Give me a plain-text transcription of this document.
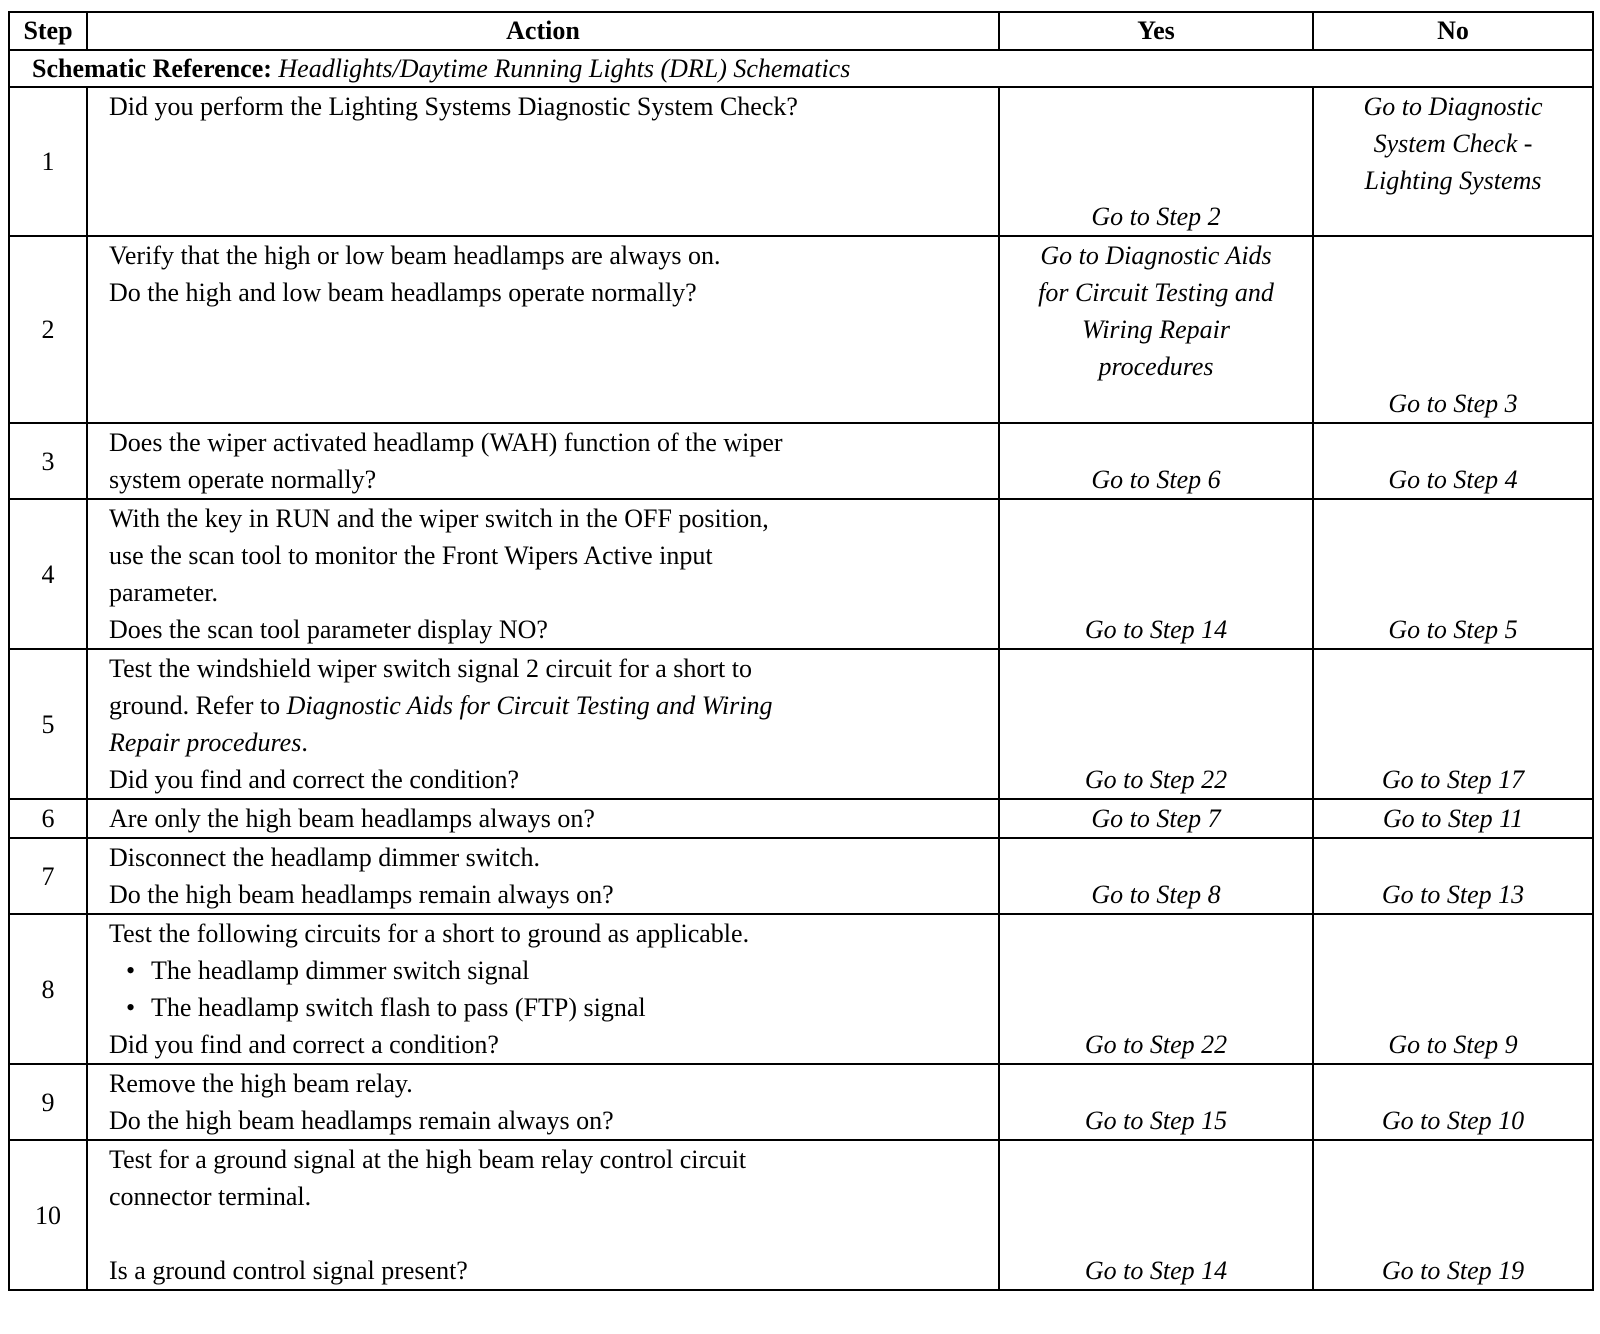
Step	Action	Yes	No
Schematic Reference: Headlights/Daytime Running Lights (DRL) Schematics			
1	Did you perform the Lighting Systems Diagnostic System Check?	Go to Step 2	Go to Diagnostic
System Check -
Lighting Systems

2	Verify that the high or low beam headlamps are always on.
Do the high and low beam headlamps operate normally?	Go to Diagnostic Aids
for Circuit Testing and
Wiring Repair
procedures	Go to Step 3
3	Does the wiper activated headlamp (WAH) function of the wiper
system operate normally?	Go to Step 6	Go to Step 4
4	With the key in RUN and the wiper switch in the OFF position,
use the scan tool to monitor the Front Wipers Active input
parameter.
Does the scan tool parameter display NO?	Go to Step 14	Go to Step 5
5	Test the windshield wiper switch signal 2 circuit for a short to
ground. Refer to Diagnostic Aids for Circuit Testing and Wiring
Repair procedures.
Did you find and correct the condition?	Go to Step 22	Go to Step 17
6	Are only the high beam headlamps always on?	Go to Step 7	Go to Step 11
7	Disconnect the headlamp dimmer switch.
Do the high beam headlamps remain always on?	Go to Step 8	Go to Step 13
8	Test the following circuits for a short to ground as applicable.
• The headlamp dimmer switch signal
• The headlamp switch flash to pass (FTP) signal
Did you find and correct a condition?	Go to Step 22	Go to Step 9
9	Remove the high beam relay.
Do the high beam headlamps remain always on?	Go to Step 15	Go to Step 10
10	Test for a ground signal at the high beam relay control circuit
connector terminal.

Is a ground control signal present?	Go to Step 14	Go to Step 19
